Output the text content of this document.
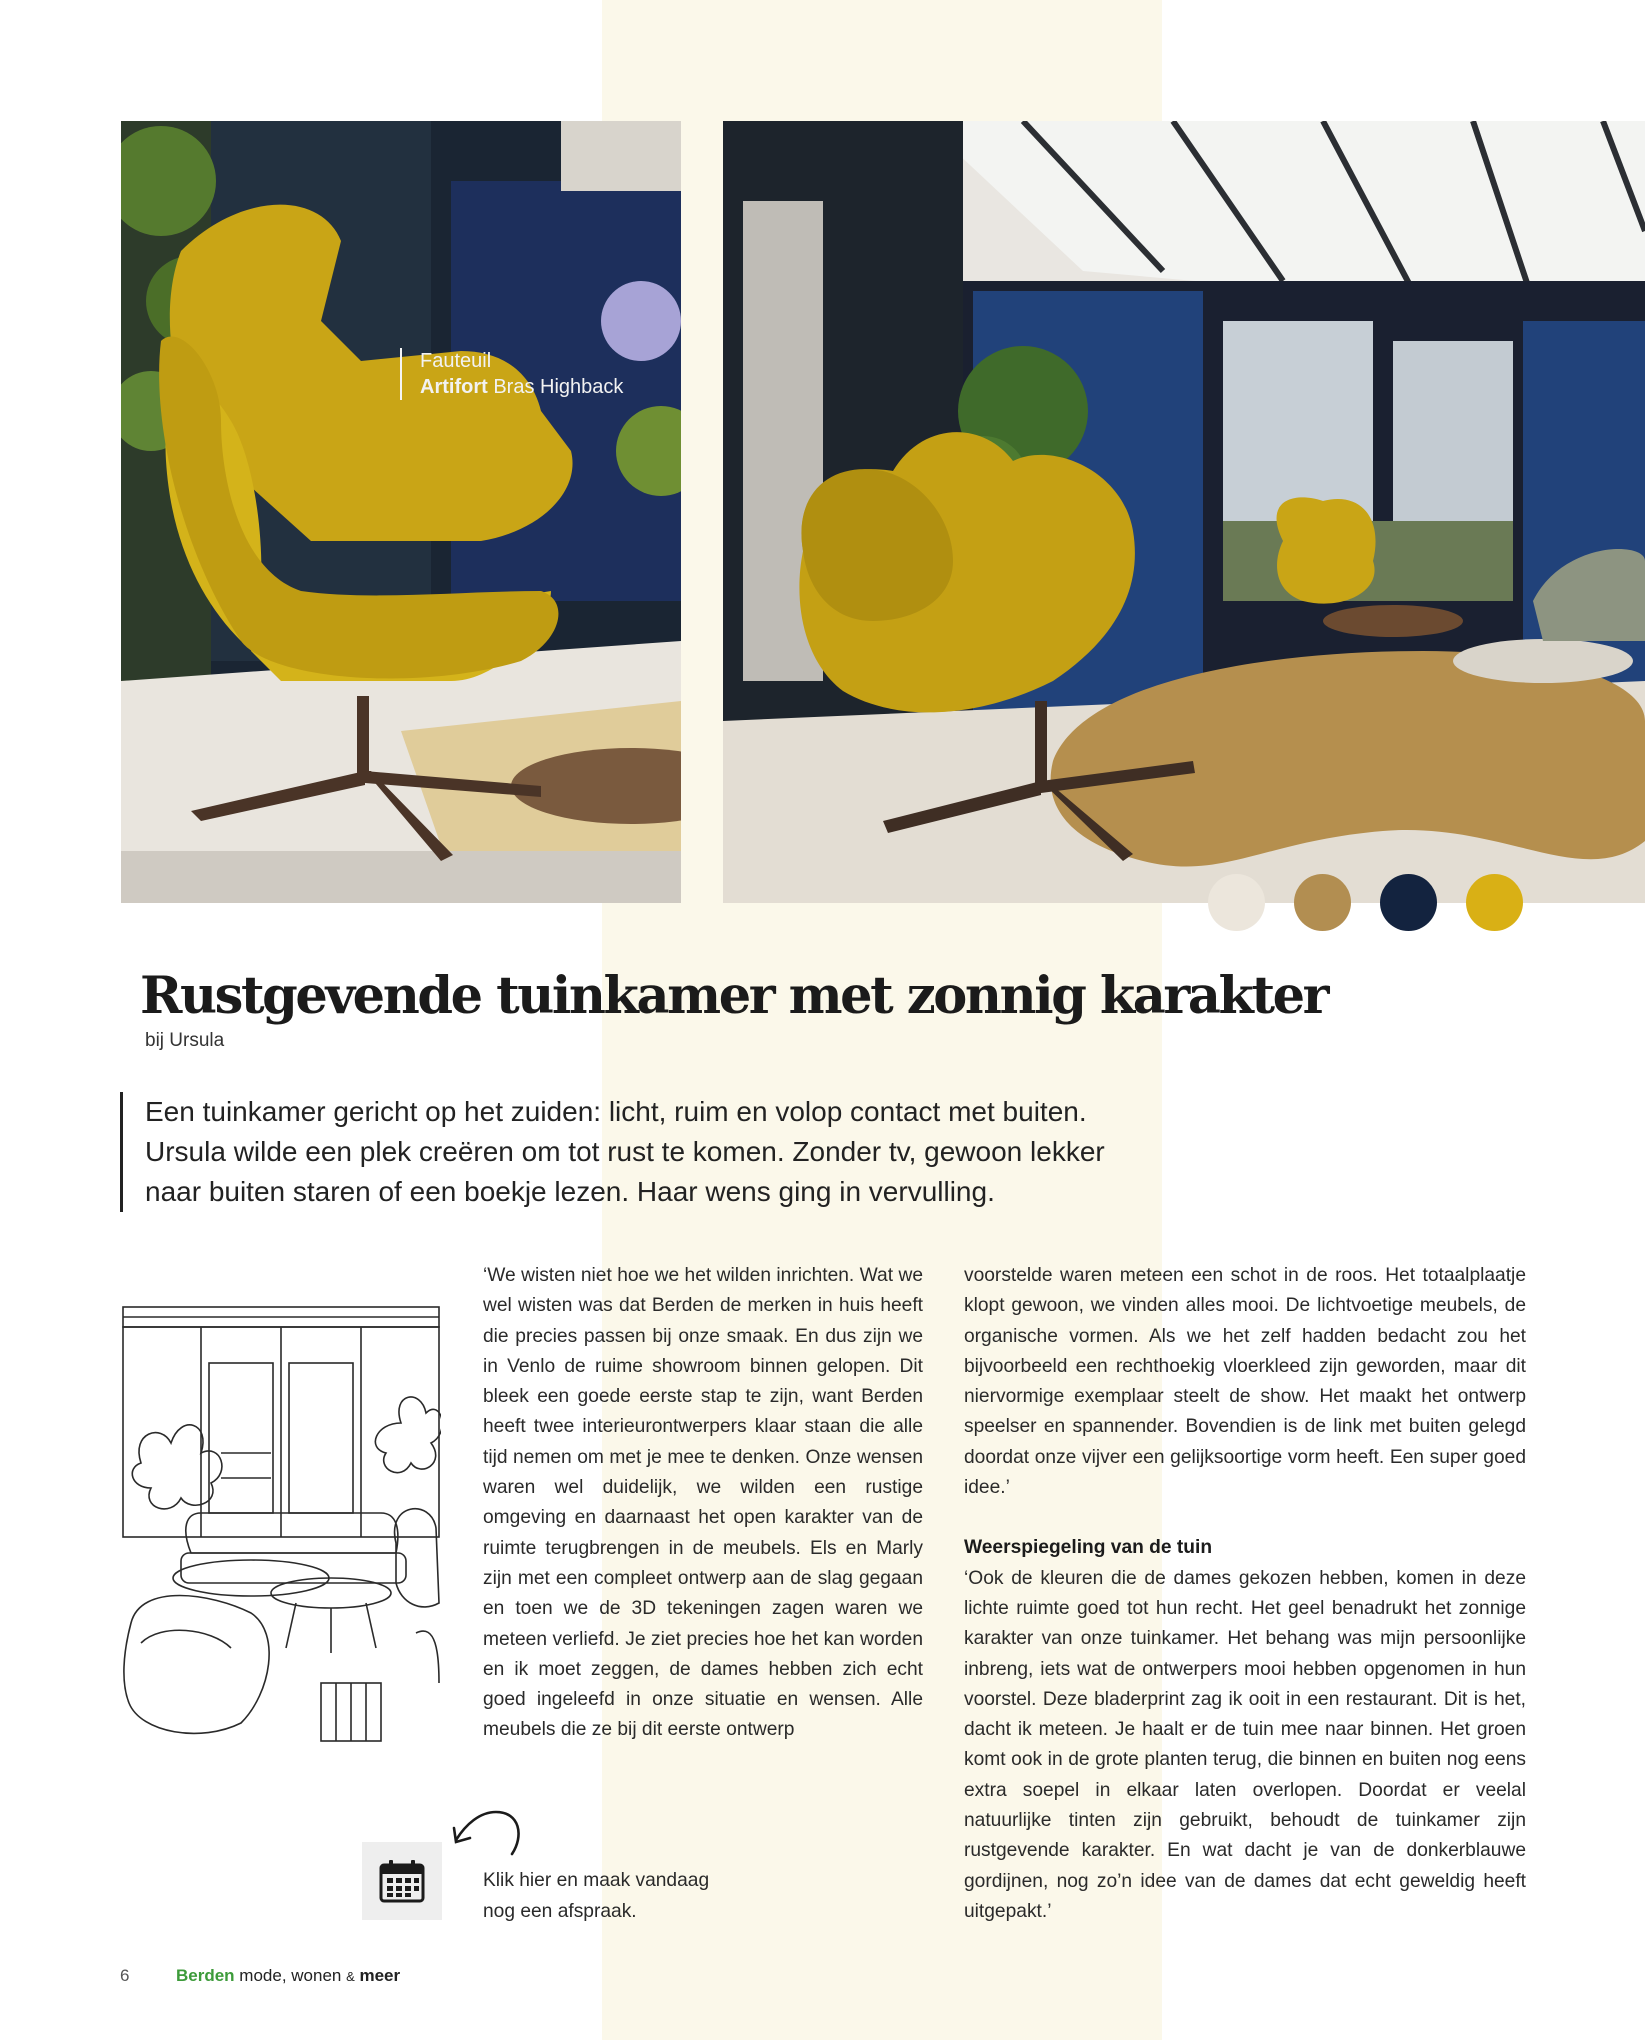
Fauteuil
Artifort Bras Highback
Rustgevende tuinkamer met zonnig karakter
bij Ursula

Een tuinkamer gericht op het zuiden: licht, ruim en volop contact met buiten.

Ursula wilde een plek creëren om tot rust te komen. Zonder tv, gewoon lekker

naar buiten staren of een boekje lezen. Haar wens ging in vervulling.

‘We wisten niet hoe we het wilden inrichten. Wat we wel wisten was dat Berden de merken in huis heeft die precies passen bij onze smaak. En dus zijn we in Venlo de ruime showroom binnen gelopen. Dit bleek een goede eerste stap te zijn, want Berden heeft twee interieurontwerpers klaar staan die alle tijd nemen om met je mee te denken. Onze wensen waren wel duidelijk, we wilden een rustige omgeving en daarnaast het open karakter van de ruimte terugbrengen in de meubels. Els en Marly zijn met een compleet ontwerp aan de slag gegaan en toen we de 3D tekeningen zagen waren we meteen verliefd. Je ziet precies hoe het kan worden en ik moet zeggen, de dames hebben zich echt goed ingeleefd in onze situatie en wensen. Alle meubels die ze bij dit eerste ontwerp

voorstelde waren meteen een schot in de roos. Het totaalplaatje klopt gewoon, we vinden alles mooi. De lichtvoetige meubels, de organische vormen. Als we het zelf hadden bedacht zou het bijvoorbeeld een rechthoekig vloerkleed zijn geworden, maar dit niervormige exemplaar steelt de show. Het maakt het ontwerp speelser en spannender. Bovendien is de link met buiten gelegd doordat onze vijver een gelijksoortige vorm heeft. Een super goed idee.’

Weerspiegeling van de tuin

‘Ook de kleuren die de dames gekozen hebben, komen in deze lichte ruimte goed tot hun recht. Het geel benadrukt het zonnige karakter van onze tuinkamer. Het behang was mijn persoonlijke inbreng, iets wat de ontwerpers mooi hebben opgenomen in hun voorstel. Deze bladerprint zag ik ooit in een restaurant. Dit is het, dacht ik meteen. Je haalt er de tuin mee naar binnen. Het groen komt ook in de grote planten terug, die binnen en buiten nog eens extra soepel in elkaar laten overlopen. Doordat er veelal natuurlijke tinten zijn gebruikt, behoudt de tuinkamer zijn rustgevende karakter. En wat dacht je van de donkerblauwe gordijnen, nog zo’n idee van de dames dat echt geweldig heeft uitgepakt.’

Klik hier en maak vandaag
nog een afspraak.
6	Berden mode, wonen & meer
